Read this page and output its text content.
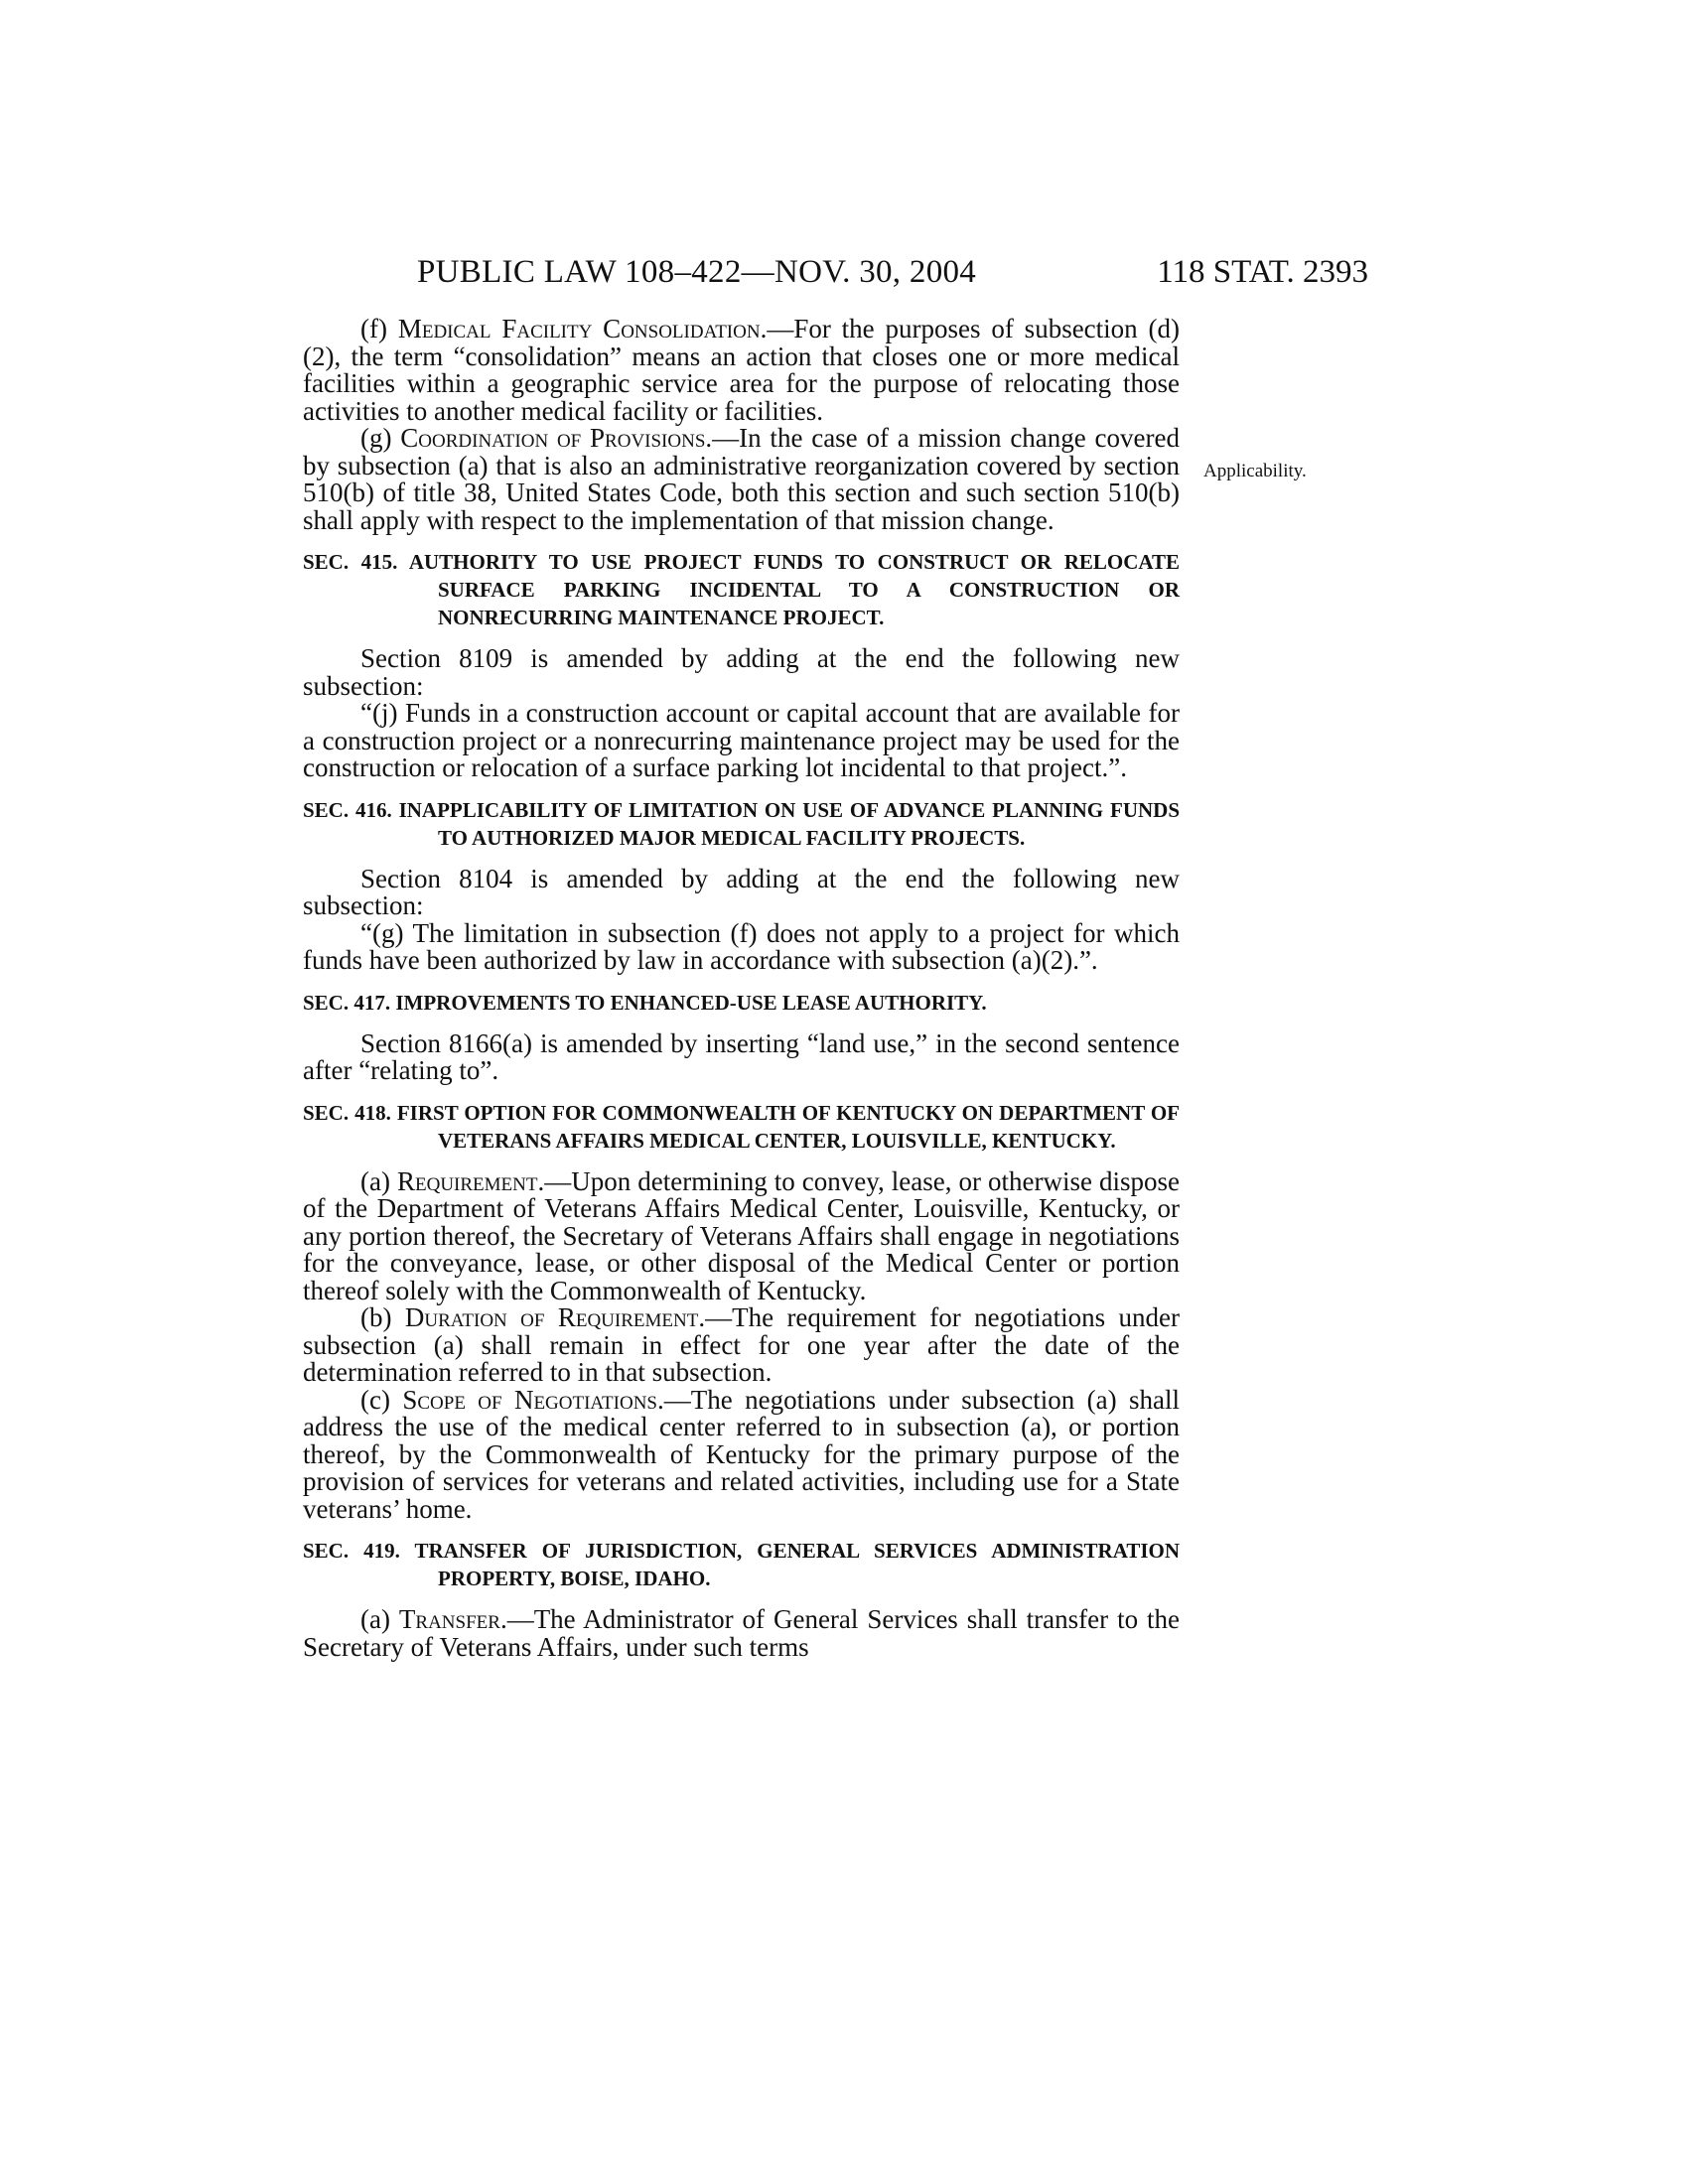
PUBLIC LAW 108–422—NOV. 30, 2004	118 STAT. 2393
Applicability.

(f) Medical Facility Consolidation.—For the purposes of subsection (d)(2), the term “consolidation” means an action that closes one or more medical facilities within a geographic service area for the purpose of relocating those activities to another medical facility or facilities.

(g) Coordination of Provisions.—In the case of a mission change covered by subsection (a) that is also an administrative reorganization covered by section 510(b) of title 38, United States Code, both this section and such section 510(b) shall apply with respect to the implementation of that mission change.

SEC. 415. AUTHORITY TO USE PROJECT FUNDS TO CONSTRUCT OR RELOCATE SURFACE PARKING INCIDENTAL TO A CONSTRUCTION OR NONRECURRING MAINTENANCE PROJECT.

Section 8109 is amended by adding at the end the following new subsection:

“(j) Funds in a construction account or capital account that are available for a construction project or a nonrecurring maintenance project may be used for the construction or relocation of a surface parking lot incidental to that project.”.

SEC. 416. INAPPLICABILITY OF LIMITATION ON USE OF ADVANCE PLANNING FUNDS TO AUTHORIZED MAJOR MEDICAL FACILITY PROJECTS.

Section 8104 is amended by adding at the end the following new subsection:

“(g) The limitation in subsection (f) does not apply to a project for which funds have been authorized by law in accordance with subsection (a)(2).”.

SEC. 417. IMPROVEMENTS TO ENHANCED-USE LEASE AUTHORITY.

Section 8166(a) is amended by inserting “land use,” in the second sentence after “relating to”.

SEC. 418. FIRST OPTION FOR COMMONWEALTH OF KENTUCKY ON DEPARTMENT OF VETERANS AFFAIRS MEDICAL CENTER, LOUISVILLE, KENTUCKY.

(a) Requirement.—Upon determining to convey, lease, or otherwise dispose of the Department of Veterans Affairs Medical Center, Louisville, Kentucky, or any portion thereof, the Secretary of Veterans Affairs shall engage in negotiations for the conveyance, lease, or other disposal of the Medical Center or portion thereof solely with the Commonwealth of Kentucky.

(b) Duration of Requirement.—The requirement for negotiations under subsection (a) shall remain in effect for one year after the date of the determination referred to in that subsection.

(c) Scope of Negotiations.—The negotiations under subsection (a) shall address the use of the medical center referred to in subsection (a), or portion thereof, by the Commonwealth of Kentucky for the primary purpose of the provision of services for veterans and related activities, including use for a State veterans’ home.

SEC. 419. TRANSFER OF JURISDICTION, GENERAL SERVICES ADMINISTRATION PROPERTY, BOISE, IDAHO.

(a) Transfer.—The Administrator of General Services shall transfer to the Secretary of Veterans Affairs, under such terms
